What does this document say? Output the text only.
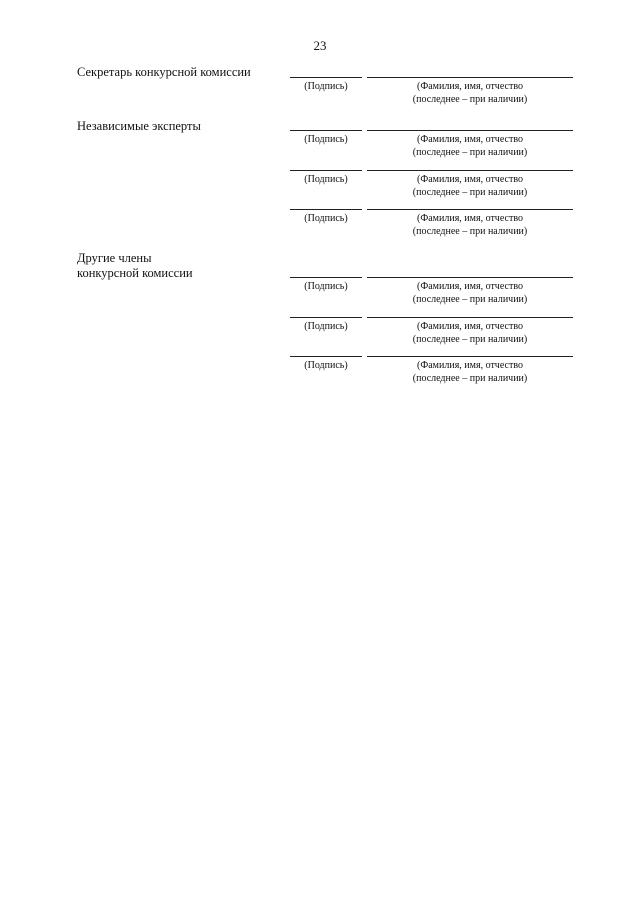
23
Секретарь конкурсной комиссии
(Подпись)	(Фамилия, имя, отчество
(последнее – при наличии)
Независимые эксперты
(Подпись)	(Фамилия, имя, отчество
(последнее – при наличии)
(Подпись)	(Фамилия, имя, отчество
(последнее – при наличии)
(Подпись)	(Фамилия, имя, отчество
(последнее – при наличии)
Другие члены
конкурсной комиссии
(Подпись)	(Фамилия, имя, отчество
(последнее – при наличии)
(Подпись)	(Фамилия, имя, отчество
(последнее – при наличии)
(Подпись)	(Фамилия, имя, отчество
(последнее – при наличии)
